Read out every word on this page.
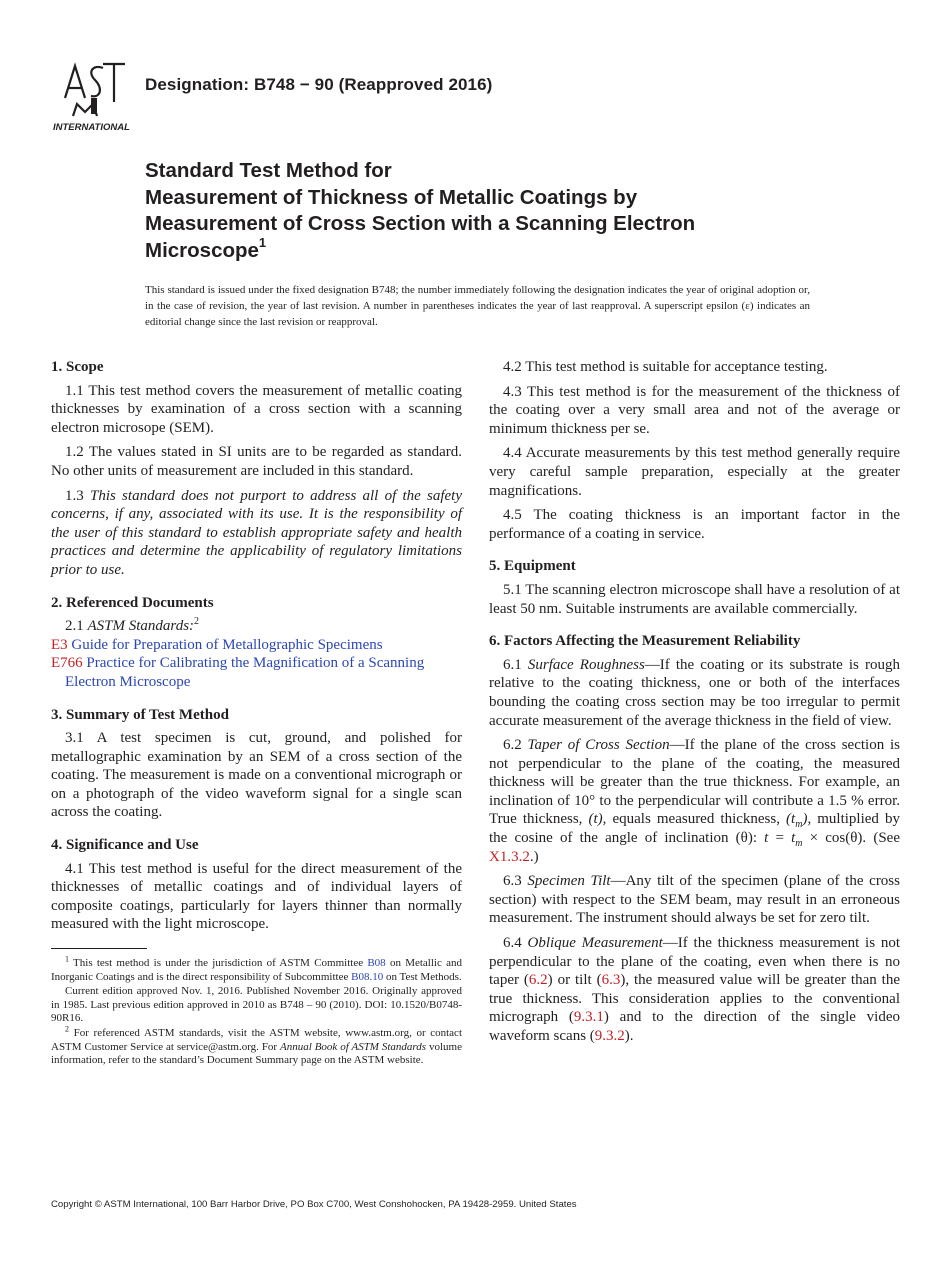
INTERNATIONAL
Designation: B748 − 90 (Reapproved 2016)
Standard Test Method for
Measurement of Thickness of Metallic Coatings by
Measurement of Cross Section with a Scanning Electron
Microscope$^1$
This standard is issued under the fixed designation B748; the number immediately following the designation indicates the year of original adoption or, in the case of revision, the year of last revision. A number in parentheses indicates the year of last reapproval. A superscript epsilon (ε) indicates an editorial change since the last revision or reapproval.
1. Scope

1.1 This test method covers the measurement of metallic coating thicknesses by examination of a cross section with a scanning electron microsope (SEM).

1.2 The values stated in SI units are to be regarded as standard. No other units of measurement are included in this standard.

1.3 This standard does not purport to address all of the safety concerns, if any, associated with its use. It is the responsibility of the user of this standard to establish appropriate safety and health practices and determine the applicability of regulatory limitations prior to use.

2. Referenced Documents

2.1 ASTM Standards:$^2$

E3 Guide for Preparation of Metallographic Specimens

E766 Practice for Calibrating the Magnification of a Scanning Electron Microscope

3. Summary of Test Method

3.1 A test specimen is cut, ground, and polished for metallographic examination by an SEM of a cross section of the coating. The measurement is made on a conventional micrograph or on a photograph of the video waveform signal for a single scan across the coating.

4. Significance and Use

4.1 This test method is useful for the direct measurement of the thicknesses of metallic coatings and of individual layers of composite coatings, particularly for layers thinner than normally measured with the light microscope.

$^1$ This test method is under the jurisdiction of ASTM Committee B08 on Metallic and Inorganic Coatings and is the direct responsibility of Subcommittee B08.10 on Test Methods.

Current edition approved Nov. 1, 2016. Published November 2016. Originally approved in 1985. Last previous edition approved in 2010 as B748 – 90 (2010). DOI: 10.1520/B0748-90R16.

$^2$ For referenced ASTM standards, visit the ASTM website, www.astm.org, or contact ASTM Customer Service at service@astm.org. For Annual Book of ASTM Standards volume information, refer to the standard’s Document Summary page on the ASTM website.

4.2 This test method is suitable for acceptance testing.

4.3 This test method is for the measurement of the thickness of the coating over a very small area and not of the average or minimum thickness per se.

4.4 Accurate measurements by this test method generally require very careful sample preparation, especially at the greater magnifications.

4.5 The coating thickness is an important factor in the performance of a coating in service.

5. Equipment

5.1 The scanning electron microscope shall have a resolution of at least 50 nm. Suitable instruments are available commercially.

6. Factors Affecting the Measurement Reliability

6.1 Surface Roughness—If the coating or its substrate is rough relative to the coating thickness, one or both of the interfaces bounding the coating cross section may be too irregular to permit accurate measurement of the average thickness in the field of view.

6.2 Taper of Cross Section—If the plane of the cross section is not perpendicular to the plane of the coating, the measured thickness will be greater than the true thickness. For example, an inclination of 10° to the perpendicular will contribute a 1.5 % error. True thickness, (t), equals measured thickness, $(t_m)$, multiplied by the cosine of the angle of inclination (θ): $t = t_m \times \cos(\theta)$. (See X1.3.2.)

6.3 Specimen Tilt—Any tilt of the specimen (plane of the cross section) with respect to the SEM beam, may result in an erroneous measurement. The instrument should always be set for zero tilt.

6.4 Oblique Measurement—If the thickness measurement is not perpendicular to the plane of the coating, even when there is no taper (6.2) or tilt (6.3), the measured value will be greater than the true thickness. This consideration applies to the conventional micrograph (9.3.1) and to the direction of the single video waveform scans (9.3.2).

Copyright © ASTM International, 100 Barr Harbor Drive, PO Box C700, West Conshohocken, PA 19428-2959. United States
